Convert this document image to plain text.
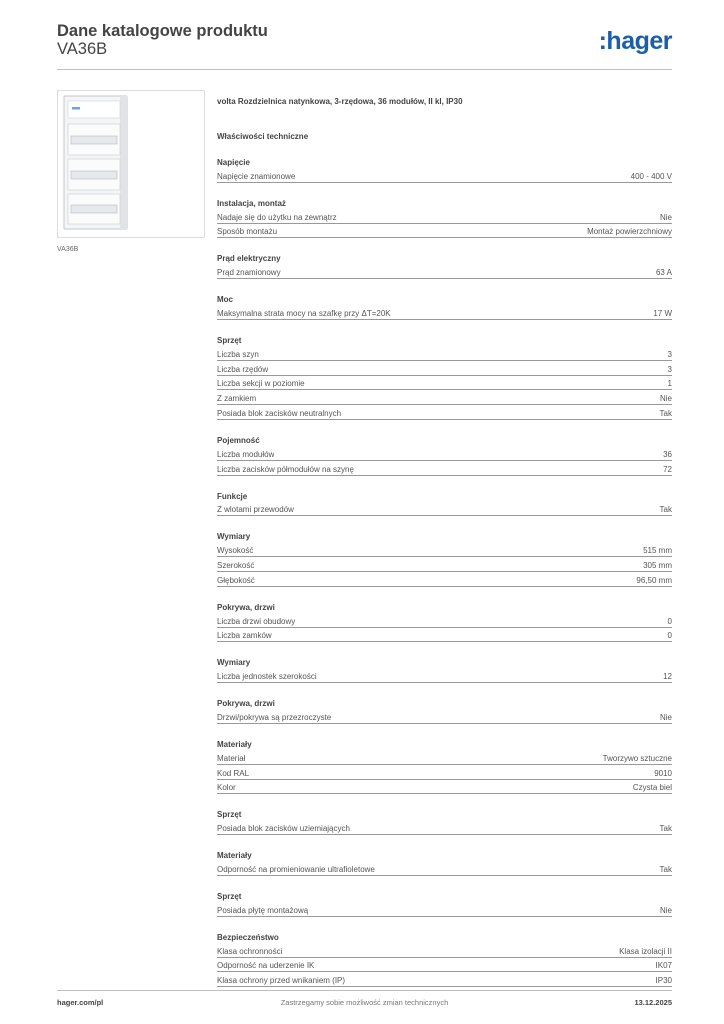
Dane katalogowe produktu
VA36B	:hager
VA36B
volta Rozdzielnica natynkowa, 3-rzędowa, 36 modułów, II kl, IP30
Właściwości techniczne
Napięcie
Napięcie znamionowe	400 - 400 V
Instalacja, montaż
Nadaje się do użytku na zewnątrz	Nie
Sposób montażu	Montaż powierzchniowy
Prąd elektryczny
Prąd znamionowy	63 A
Moc
Maksymalna strata mocy na szafkę przy ΔT=20K	17 W
Sprzęt
Liczba szyn	3
Liczba rzędów	3
Liczba sekcji w poziomie	1
Z zamkiem	Nie
Posiada blok zacisków neutralnych	Tak
Pojemność
Liczba modułów	36
Liczba zacisków półmodułów na szynę	72
Funkcje
Z wlotami przewodów	Tak
Wymiary
Wysokość	515 mm
Szerokość	305 mm
Głębokość	96,50 mm
Pokrywa, drzwi
Liczba drzwi obudowy	0
Liczba zamków	0
Wymiary
Liczba jednostek szerokości	12
Pokrywa, drzwi
Drzwi/pokrywa są przezroczyste	Nie
Materiały
Materiał	Tworzywo sztuczne
Kod RAL	9010
Kolor	Czysta biel
Sprzęt
Posiada blok zacisków uziemiających	Tak
Materiały
Odporność na promieniowanie ultrafioletowe	Tak
Sprzęt
Posiada płytę montażową	Nie
Bezpieczeństwo
Klasa ochronności	Klasa izolacji II
Odporność na uderzenie IK	IK07
Klasa ochrony przed wnikaniem (IP)	IP30
hager.com/pl	Zastrzegamy sobie możliwość zmian technicznych	13.12.2025
